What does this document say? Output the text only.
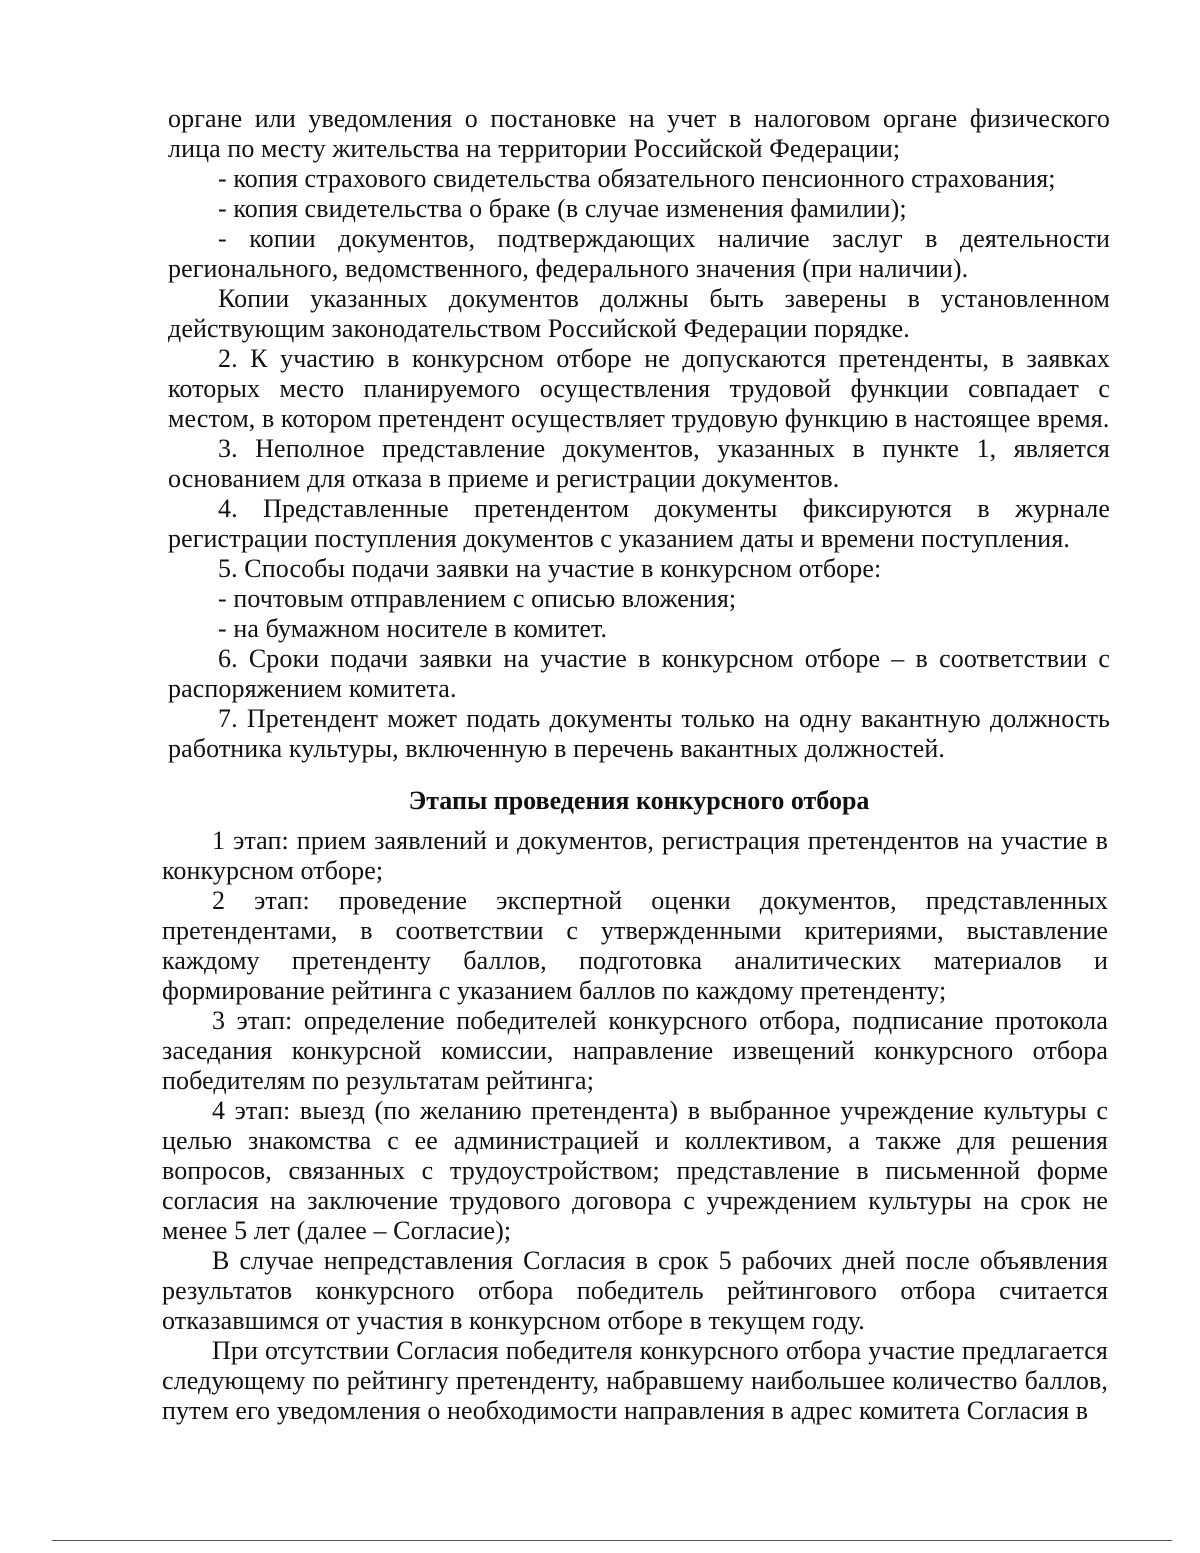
органе или уведомления о постановке на учет в налоговом органе физического лица по месту жительства на территории Российской Федерации;

- копия страхового свидетельства обязательного пенсионного страхования;

- копия свидетельства о браке (в случае изменения фамилии);

- копии документов, подтверждающих наличие заслуг в деятельности регионального, ведомственного, федерального значения (при наличии).

Копии указанных документов должны быть заверены в установленном действующим законодательством Российской Федерации порядке.

2. К участию в конкурсном отборе не допускаются претенденты, в заявках которых место планируемого осуществления трудовой функции совпадает с местом, в котором претендент осуществляет трудовую функцию в настоящее время.

3. Неполное представление документов, указанных в пункте 1, является основанием для отказа в приеме и регистрации документов.

4. Представленные претендентом документы фиксируются в журнале регистрации поступления документов с указанием даты и времени поступления.

5. Способы подачи заявки на участие в конкурсном отборе:

- почтовым отправлением с описью вложения;

- на бумажном носителе в комитет.

6. Сроки подачи заявки на участие в конкурсном отборе – в соответствии с распоряжением комитета.

7. Претендент может подать документы только на одну вакантную должность работника культуры, включенную в перечень вакантных должностей.

Этапы проведения конкурсного отбора

1 этап: прием заявлений и документов, регистрация претендентов на участие в конкурсном отборе;

2 этап: проведение экспертной оценки документов, представленных претендентами, в соответствии с утвержденными критериями, выставление каждому претенденту баллов, подготовка аналитических материалов и формирование рейтинга с указанием баллов по каждому претенденту;

3 этап: определение победителей конкурсного отбора, подписание протокола заседания конкурсной комиссии, направление извещений конкурсного отбора победителям по результатам рейтинга;

4 этап: выезд (по желанию претендента) в выбранное учреждение культуры с целью знакомства с ее администрацией и коллективом, а также для решения вопросов, связанных с трудоустройством; представление в письменной форме согласия на заключение трудового договора с учреждением культуры на срок не менее 5 лет (далее – Согласие);

В случае непредставления Согласия в срок 5 рабочих дней после объявления результатов конкурсного отбора победитель рейтингового отбора считается отказавшимся от участия в конкурсном отборе в текущем году.

При отсутствии Согласия победителя конкурсного отбора участие предлагается следующему по рейтингу претенденту, набравшему наибольшее количество баллов, путем его уведомления о необходимости направления в адрес комитета Согласия в
